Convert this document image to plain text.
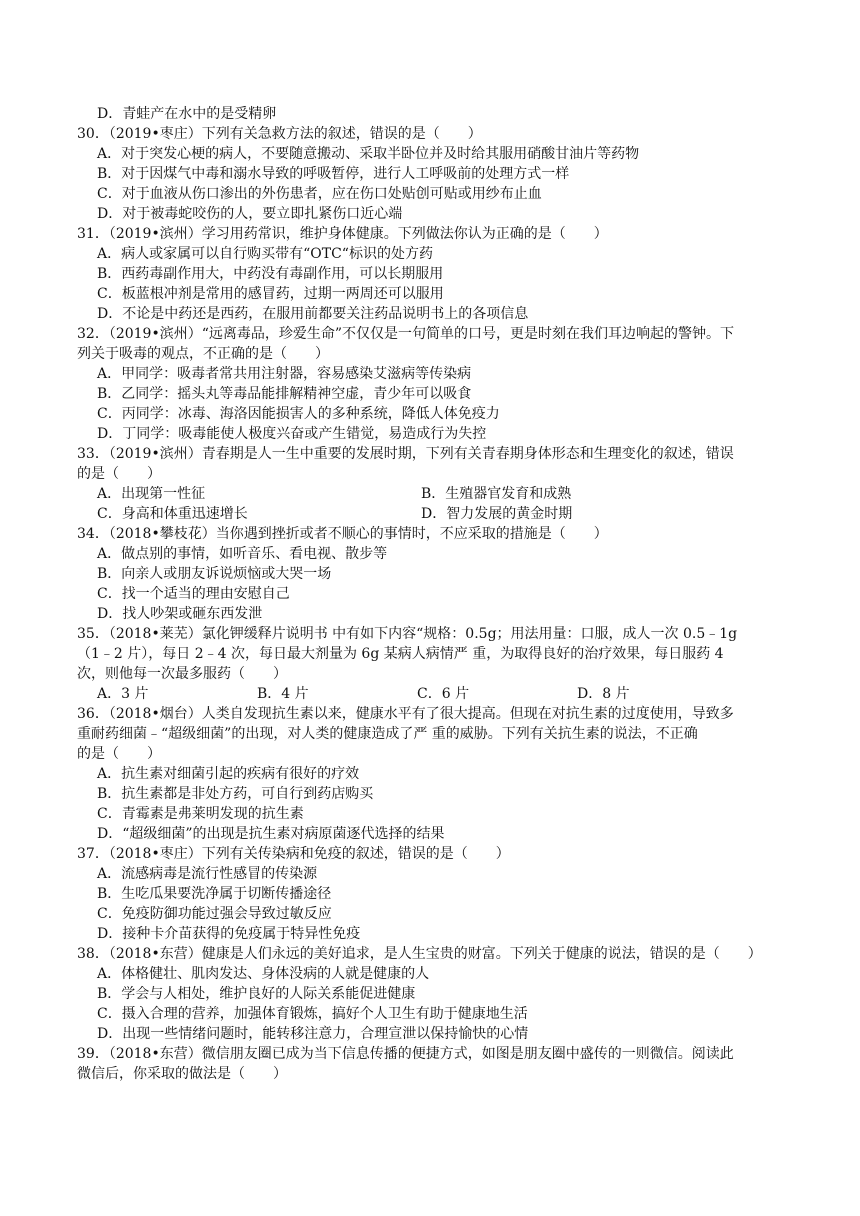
D．青蛙产在水中的是受精卵
30．（2019•枣庄）下列有关急救方法的叙述，错误的是（　　）
A．对于突发心梗的病人，不要随意搬动、采取半卧位并及时给其服用硝酸甘油片等药物
B．对于因煤气中毒和溺水导致的呼吸暂停，进行人工呼吸前的处理方式一样
C．对于血液从伤口渗出的外伤患者，应在伤口处贴创可贴或用纱布止血
D．对于被毒蛇咬伤的人，要立即扎紧伤口近心端
31．（2019•滨州）学习用药常识，维护身体健康。下列做法你认为正确的是（　　）
A．病人或家属可以自行购买带有“OTC“标识的处方药
B．西药毒副作用大，中药没有毒副作用，可以长期服用
C．板蓝根冲剂是常用的感冒药，过期一两周还可以服用
D．不论是中药还是西药，在服用前都要关注药品说明书上的各项信息
32．（2019•滨州）“远离毒品，珍爱生命”不仅仅是一句简单的口号，更是时刻在我们耳边响起的警钟。下
列关于吸毒的观点，不正确的是（　　）
A．甲同学：吸毒者常共用注射器，容易感染艾滋病等传染病
B．乙同学：摇头丸等毒品能排解精神空虚，青少年可以吸食
C．丙同学：冰毒、海洛因能损害人的多种系统，降低人体免疫力
D．丁同学：吸毒能使人极度兴奋或产生错觉，易造成行为失控
33．（2019•滨州）青春期是人一生中重要的发展时期，下列有关青春期身体形态和生理变化的叙述，错误
的是（　　）
A．出现第一性征	B．生殖器官发育和成熟
C．身高和体重迅速增长	D．智力发展的黄金时期
34．（2018•攀枝花）当你遇到挫折或者不顺心的事情时，不应采取的措施是（　　）
A．做点别的事情，如听音乐、看电视、散步等
B．向亲人或朋友诉说烦恼或大哭一场
C．找一个适当的理由安慰自己
D．找人吵架或砸东西发泄
35．（2018•莱芜）氯化钾缓释片说明书 中有如下内容“规格：0.5g；用法用量：口服，成人一次 0.5﹣1g
（1﹣2 片），每日 2﹣4 次，每日最大剂量为 6g 某病人病情严 重，为取得良好的治疗效果，每日服药 4
次，则他每一次最多服药（　　）
A．3 片	B．4 片	C．6 片	D．8 片
36．（2018•烟台）人类自发现抗生素以来，健康水平有了很大提高。但现在对抗生素的过度使用，导致多
重耐药细菌﹣“超级细菌”的出现，对人类的健康造成了严 重的威胁。下列有关抗生素的说法，不正确
的是（　　）
A．抗生素对细菌引起的疾病有很好的疗效
B．抗生素都是非处方药，可自行到药店购买
C．青霉素是弗莱明发现的抗生素
D．“超级细菌”的出现是抗生素对病原菌逐代选择的结果
37．（2018•枣庄）下列有关传染病和免疫的叙述，错误的是（　　）
A．流感病毒是流行性感冒的传染源
B．生吃瓜果要洗净属于切断传播途径
C．免疫防御功能过强会导致过敏反应
D．接种卡介苗获得的免疫属于特异性免疫
38．（2018•东营）健康是人们永远的美好追求，是人生宝贵的财富。下列关于健康的说法，错误的是（　　）
A．体格健壮、肌肉发达、身体没病的人就是健康的人
B．学会与人相处，维护良好的人际关系能促进健康
C．摄入合理的营养，加强体育锻炼，搞好个人卫生有助于健康地生活
D．出现一些情绪问题时，能转移注意力，合理宣泄以保持愉快的心情
39．（2018•东营）微信朋友圈已成为当下信息传播的便捷方式，如图是朋友圈中盛传的一则微信。阅读此
微信后，你采取的做法是（　　）
